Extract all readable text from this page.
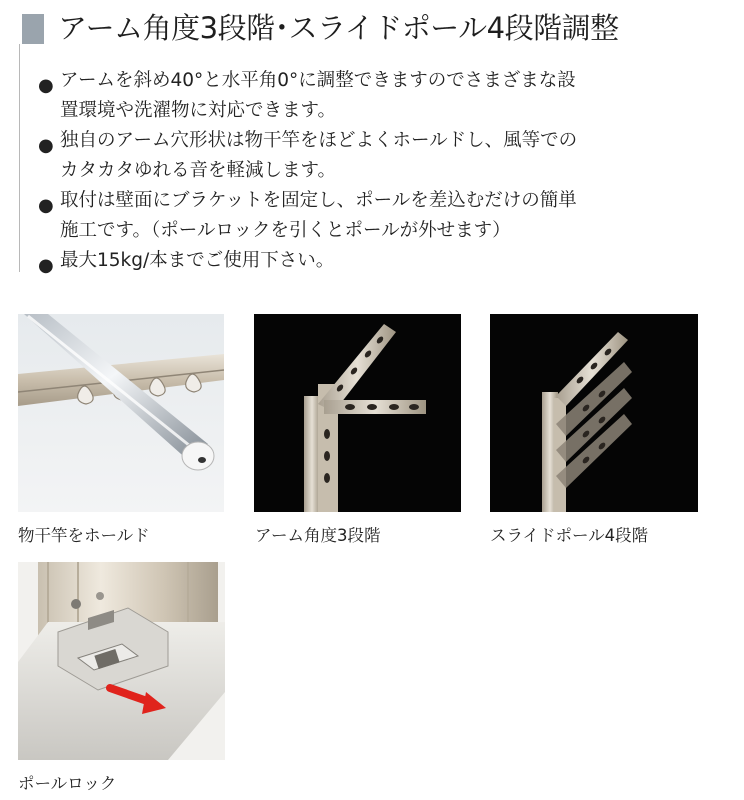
アーム角度3段階･スライドポール4段階調整
● アームを斜め40°と水平角0°に調整できますのでさまざまな設
置環境や洗濯物に対応できます。
● 独自のアーム穴形状は物干竿をほどよくホールドし、風等での
カタカタゆれる音を軽減します。
● 取付は壁面にブラケットを固定し、ポールを差込むだけの簡単
施工です。（ポールロックを引くとポールが外せます）
● 最大15kg/本までご使用下さい。
物干竿をホールド	アーム角度3段階	スライドポール4段階
ポールロック
